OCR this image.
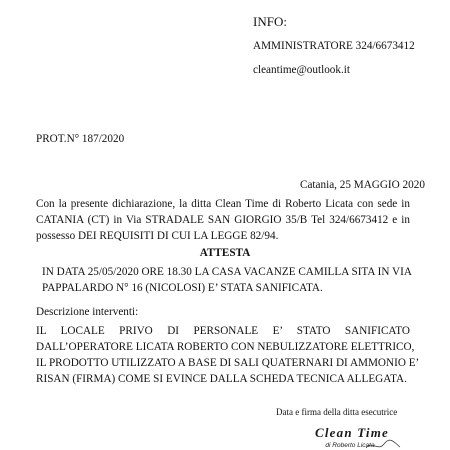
INFO:
AMMINISTRATORE 324/6673412
cleantime@outlook.it
PROT.N° 187/2020
Catania, 25 MAGGIO 2020
Con la presente dichiarazione, la ditta Clean Time di Roberto Licata con sede in
CATANIA (CT) in Via STRADALE SAN GIORGIO 35/B Tel 324/6673412 e in
possesso DEI REQUISITI DI CUI LA LEGGE 82/94.
ATTESTA
IN DATA 25/05/2020 ORE 18.30 LA CASA VACANZE CAMILLA SITA IN VIA
PAPPALARDO N° 16 (NICOLOSI) E’ STATA SANIFICATA.
Descrizione interventi:
IL LOCALE PRIVO DI PERSONALE E’ STATO SANIFICATO
DALL’OPERATORE LICATA ROBERTO CON NEBULIZZATORE ELETTRICO,
IL PRODOTTO UTILIZZATO A BASE DI SALI QUATERNARI DI AMMONIO E’
RISAN (FIRMA) COME SI EVINCE DALLA SCHEDA TECNICA ALLEGATA.
Data e firma della ditta esecutrice
Clean Time
di Roberto Licata
